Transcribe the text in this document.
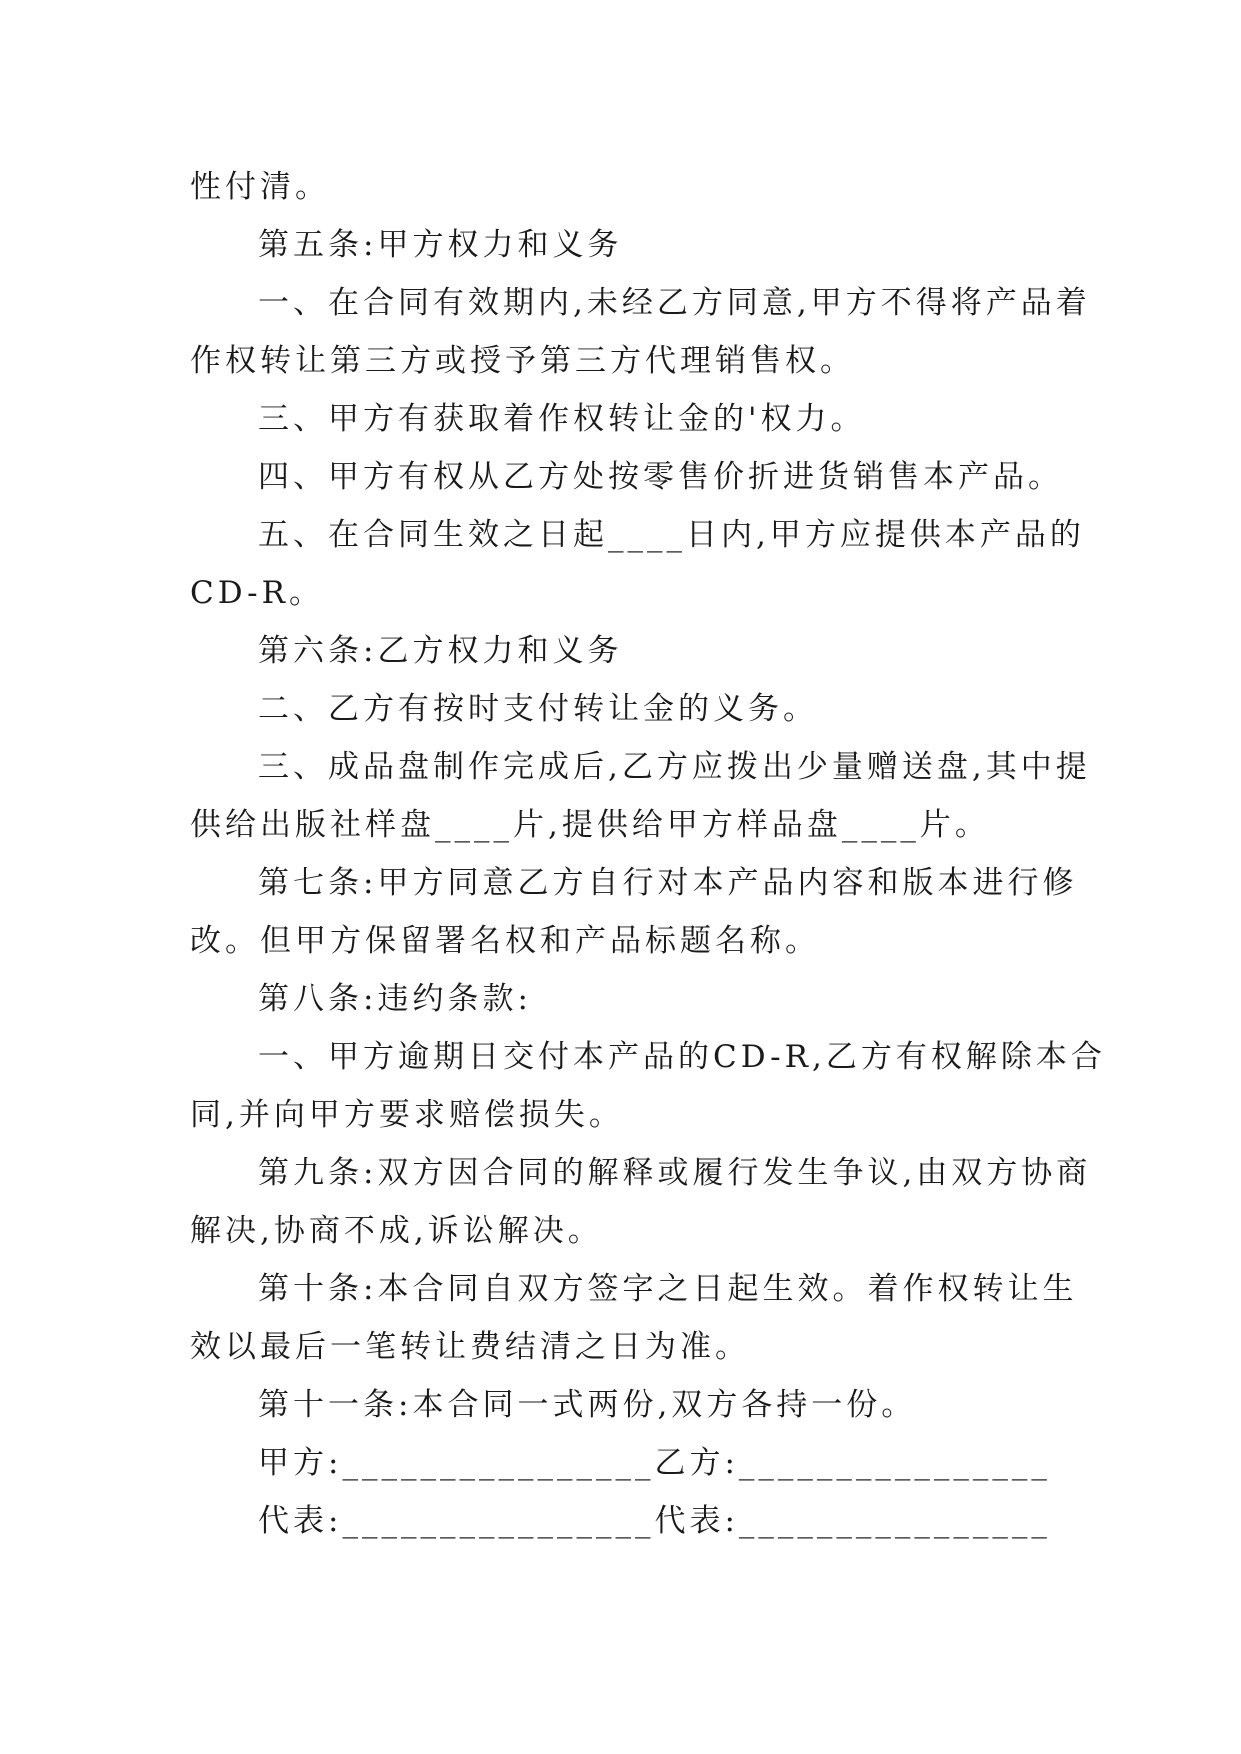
性付清。
第五条:甲方权力和义务
一、在合同有效期内,未经乙方同意,甲方不得将产品着
作权转让第三方或授予第三方代理销售权。
三、甲方有获取着作权转让金的'权力。
四、甲方有权从乙方处按零售价折进货销售本产品。
五、在合同生效之日起____日内,甲方应提供本产品的
CD-R。
第六条:乙方权力和义务
二、乙方有按时支付转让金的义务。
三、成品盘制作完成后,乙方应拨出少量赠送盘,其中提
供给出版社样盘____片,提供给甲方样品盘____片。
第七条:甲方同意乙方自行对本产品内容和版本进行修
改。但甲方保留署名权和产品标题名称。
第八条:违约条款:
一、甲方逾期日交付本产品的CD-R,乙方有权解除本合
同,并向甲方要求赔偿损失。
第九条:双方因合同的解释或履行发生争议,由双方协商
解决,协商不成,诉讼解决。
第十条:本合同自双方签字之日起生效。着作权转让生
效以最后一笔转让费结清之日为准。
第十一条:本合同一式两份,双方各持一份。
甲方:________________乙方:________________
代表:________________代表:________________
